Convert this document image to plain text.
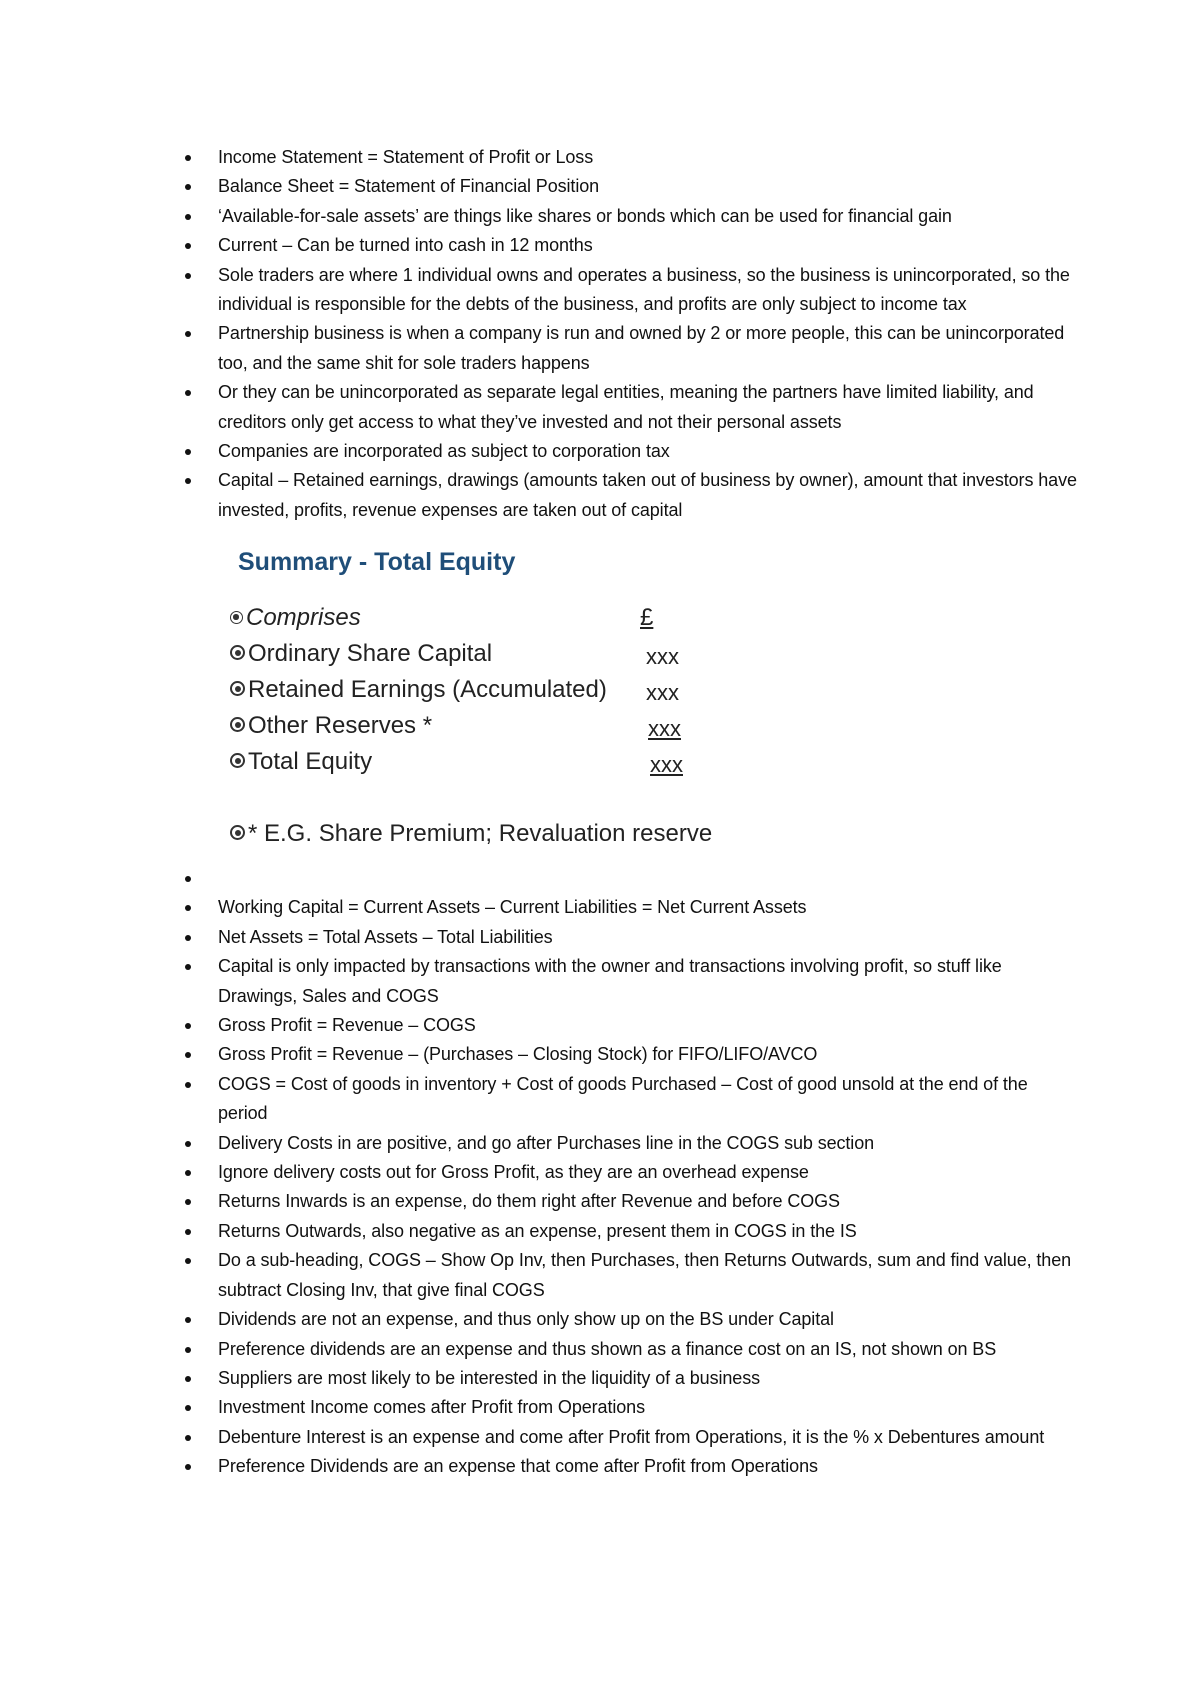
Income Statement = Statement of Profit or Loss
Balance Sheet = Statement of Financial Position
‘Available-for-sale assets’ are things like shares or bonds which can be used for financial gain
Current – Can be turned into cash in 12 months
Sole traders are where 1 individual owns and operates a business, so the business is unincorporated, so the individual is responsible for the debts of the business, and profits are only subject to income tax
Partnership business is when a company is run and owned by 2 or more people, this can be unincorporated too, and the same shit for sole traders happens
Or they can be unincorporated as separate legal entities, meaning the partners have limited liability, and creditors only get access to what they’ve invested and not their personal assets
Companies are incorporated as subject to corporation tax
Capital – Retained earnings, drawings (amounts taken out of business by owner), amount that investors have invested, profits, revenue expenses are taken out of capital
Summary - Total Equity
Comprises	£
Ordinary Share Capital	xxx
Retained Earnings (Accumulated) xxx
Other Reserves *	xxx
Total Equity	xxx
* E.G. Share Premium; Revaluation reserve

Working Capital = Current Assets – Current Liabilities = Net Current Assets
Net Assets = Total Assets – Total Liabilities
Capital is only impacted by transactions with the owner and transactions involving profit, so stuff like Drawings, Sales and COGS
Gross Profit = Revenue – COGS
Gross Profit = Revenue – (Purchases – Closing Stock) for FIFO/LIFO/AVCO
COGS = Cost of goods in inventory + Cost of goods Purchased – Cost of good unsold at the end of the period
Delivery Costs in are positive, and go after Purchases line in the COGS sub section
Ignore delivery costs out for Gross Profit, as they are an overhead expense
Returns Inwards is an expense, do them right after Revenue and before COGS
Returns Outwards, also negative as an expense, present them in COGS in the IS
Do a sub-heading, COGS – Show Op Inv, then Purchases, then Returns Outwards, sum and find value, then subtract Closing Inv, that give final COGS
Dividends are not an expense, and thus only show up on the BS under Capital
Preference dividends are an expense and thus shown as a finance cost on an IS, not shown on BS
Suppliers are most likely to be interested in the liquidity of a business
Investment Income comes after Profit from Operations
Debenture Interest is an expense and come after Profit from Operations, it is the % x Debentures amount
Preference Dividends are an expense that come after Profit from Operations
